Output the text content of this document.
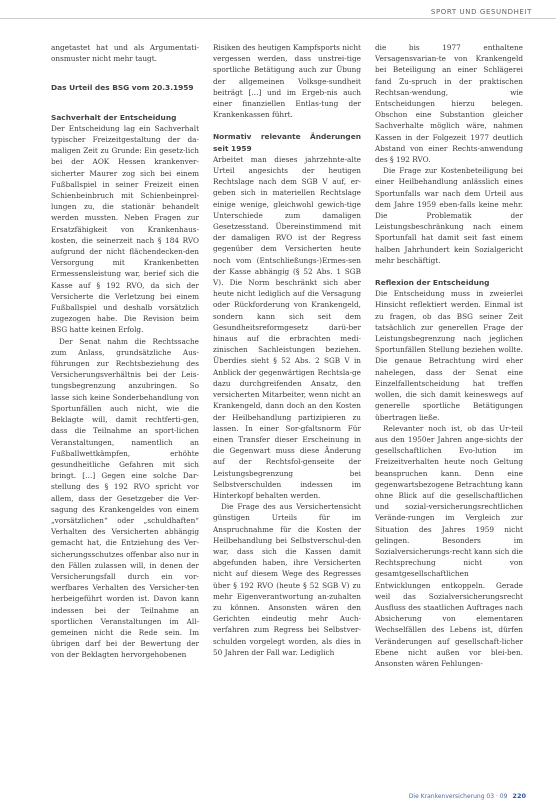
SPORT UND GESUNDHEIT

angetastet hat und als Argumentati-onsmuster nicht mehr taugt.

Das Urteil des BSG vom 20.3.1959
Sachverhalt der Entscheidung

Der Entscheidung lag ein Sachverhalt typischer Freizeitgestaltung der da-maligen Zeit zu Grunde: Ein gesetz-lich bei der AOK Hessen krankenver-sicherter Maurer zog sich bei einem Fußballspiel in seiner Freizeit einen Schienbeinbruch mit Schienbeinprel-lungen zu, die stationär behandelt werden mussten. Neben Fragen zur Ersatzfähigkeit von Krankenhaus-kosten, die seinerzeit nach § 184 RVO aufgrund der nicht flächendecken-den Versorgung mit Krankenbetten Ermessensleistung war, berief sich die Kasse auf § 192 RVO, da sich der Versicherte die Verletzung bei einem Fußballspiel und deshalb vorsätzlich zugezogen habe. Die Revision beim BSG hatte keinen Erfolg.

Der Senat nahm die Rechtssache zum Anlass, grundsätzliche Aus-führungen zur Rechtsbeziehung des Versicherungsverhältnis bei der Leis-tungsbegrenzung anzubringen. So lasse sich keine Sonderbehandlung von Sportunfällen auch nicht, wie die Beklagte will, damit rechtferti-gen, dass die Teilnahme an sport-lichen Veranstaltungen, namentlich an Fußballwettkämpfen, erhöhte gesundheitliche Gefahren mit sich bringt. […] Gegen eine solche Dar-stellung des § 192 RVO spricht vor allem, dass der Gesetzgeber die Ver-sagung des Krankengeldes von einem „vorsätzlichen“ oder „schuldhaften“ Verhalten des Versicherten abhängig gemacht hat, die Entziehung des Ver-sicherungsschutzes offenbar also nur in den Fällen zulassen will, in denen der Versicherungsfall durch ein vor-werfbares Verhalten des Versicher-ten herbeigeführt worden ist. Davon kann indessen bei der Teilnahme an sportlichen Veranstaltungen im All-gemeinen nicht die Rede sein. Im übrigen darf bei der Bewertung der von der Beklagten hervorgehobenen

Risiken des heutigen Kampfsports nicht vergessen werden, dass unstrei-tige sportliche Betätigung auch zur Übung der allgemeinen Volksge-sundheit beiträgt […] und im Ergeb-nis auch einer finanziellen Entlas-tung der Krankenkassen führt.

Normativ relevante Änderungen seit 1959

Arbeitet man dieses jahrzehnte-alte Urteil angesichts der heutigen Rechtslage nach dem SGB V auf, er-geben sich in materiellen Rechtslage einige wenige, gleichwohl gewich-tige Unterschiede zum damaligen Gesetzesstand. Übereinstimmend mit der damaligen RVO ist der Regress gegenüber dem Versicherten heute noch vom (Entschließungs-)Ermes-sen der Kasse abhängig (§ 52 Abs. 1 SGB V). Die Norm beschränkt sich aber heute nicht lediglich auf die Versagung oder Rückforderung von Krankengeld, sondern kann sich seit dem Gesundheitsreformgesetz darü-ber hinaus auf die erbrachten medi-zinischen Sachleistungen beziehen. Überdies sieht § 52 Abs. 2 SGB V in Anblick der gegenwärtigen Rechtsla-ge dazu durchgreifenden Ansatz, den versicherten Mitarbeiter, wenn nicht an Krankengeld, dann doch an den Kosten der Heilbehandlung partizipieren zu lassen. In einer Sor-gfaltsnorm Für einen Transfer dieser Erscheinung in die Gegenwart muss diese Änderung auf der Rechtsfol-genseite der Leistungsbegrenzung bei Selbstverschulden indessen im Hinterkopf behalten werden.

Die Frage des aus Versichertensicht günstigen Urteils für im Anspruchnahme für die Kosten der Heilbehandlung bei Selbstverschul-den war, dass sich die Kassen damit abgefunden haben, ihre Versicherten nicht auf diesem Wege des Regresses über § 192 RVO (heute § 52 SGB V) zu mehr Eigenverantwortung an-zuhalten zu können. Ansonsten wären den Gerichten eindeutig mehr Auch-verfahren zum Regress bei Selbstver-schulden vorgelegt worden, als dies in 50 Jahren der Fall war. Lediglich

die bis 1977 enthaltene Versagensvarian-te von Krankengeld bei Beteiligung an einer Schlägerei fand Zu-spruch in der praktischen Rechtsan-wendung, wie Entscheidungen hierzu belegen. Obschon eine Substantion gleicher Sachverhalte möglich wäre, nahmen Kassen in der Folgezeit 1977 deutlich Abstand von einer Rechts-anwendung des § 192 RVO.

Die Frage zur Kostenbeteiligung bei einer Heilbehandlung anlässlich eines Sportunfalls war nach dem Urteil aus dem Jahre 1959 eben-falls keine mehr. Die Problematik der Leistungsbeschränkung nach einem Sportunfall hat damit seit fast einem halben Jahrhundert kein Sozialgericht mehr beschäftigt.

Reflexion der Entscheidung

Die Entscheidung muss in zweierlei Hinsicht reflektiert werden. Einmal ist zu fragen, ob das BSG seiner Zeit tatsächlich zur generellen Frage der Leistungsbegrenzung nach jeglichen Sportunfällen Stellung beziehen wollte. Die genaue Betrachtung wird eher nahelegen, dass der Senat eine Einzelfallentscheidung hat treffen wollen, die sich damit keineswegs auf generelle sportliche Betätigungen übertragen ließe.

Relevanter noch ist, ob das Ur-teil aus den 1950er Jahren ange-sichts der gesellschaftlichen Evo-lution im Freizeitverhalten heute noch Geltung beanspruchen kann. Denn eine gegenwartsbezogene Betrachtung kann ohne Blick auf die gesellschaftlichen und sozial-versicherungsrechtlichen Verände-rungen im Vergleich zur Situation des Jahres 1959 nicht gelingen. Besonders im Sozialversicherungs-recht kann sich die Rechtsprechung nicht von gesamtgesellschaftlichen Entwicklungen entkoppeln. Gerade weil das Sozialversicherungsrecht Ausfluss des staatlichen Auftrages nach Absicherung von elementaren Wechselfällen des Lebens ist, dürfen Veränderungen auf gesellschaft-licher Ebene nicht außen vor blei-ben. Ansonsten wären Fehlungen-

Die Krankenversicherung 03 · 09 220
